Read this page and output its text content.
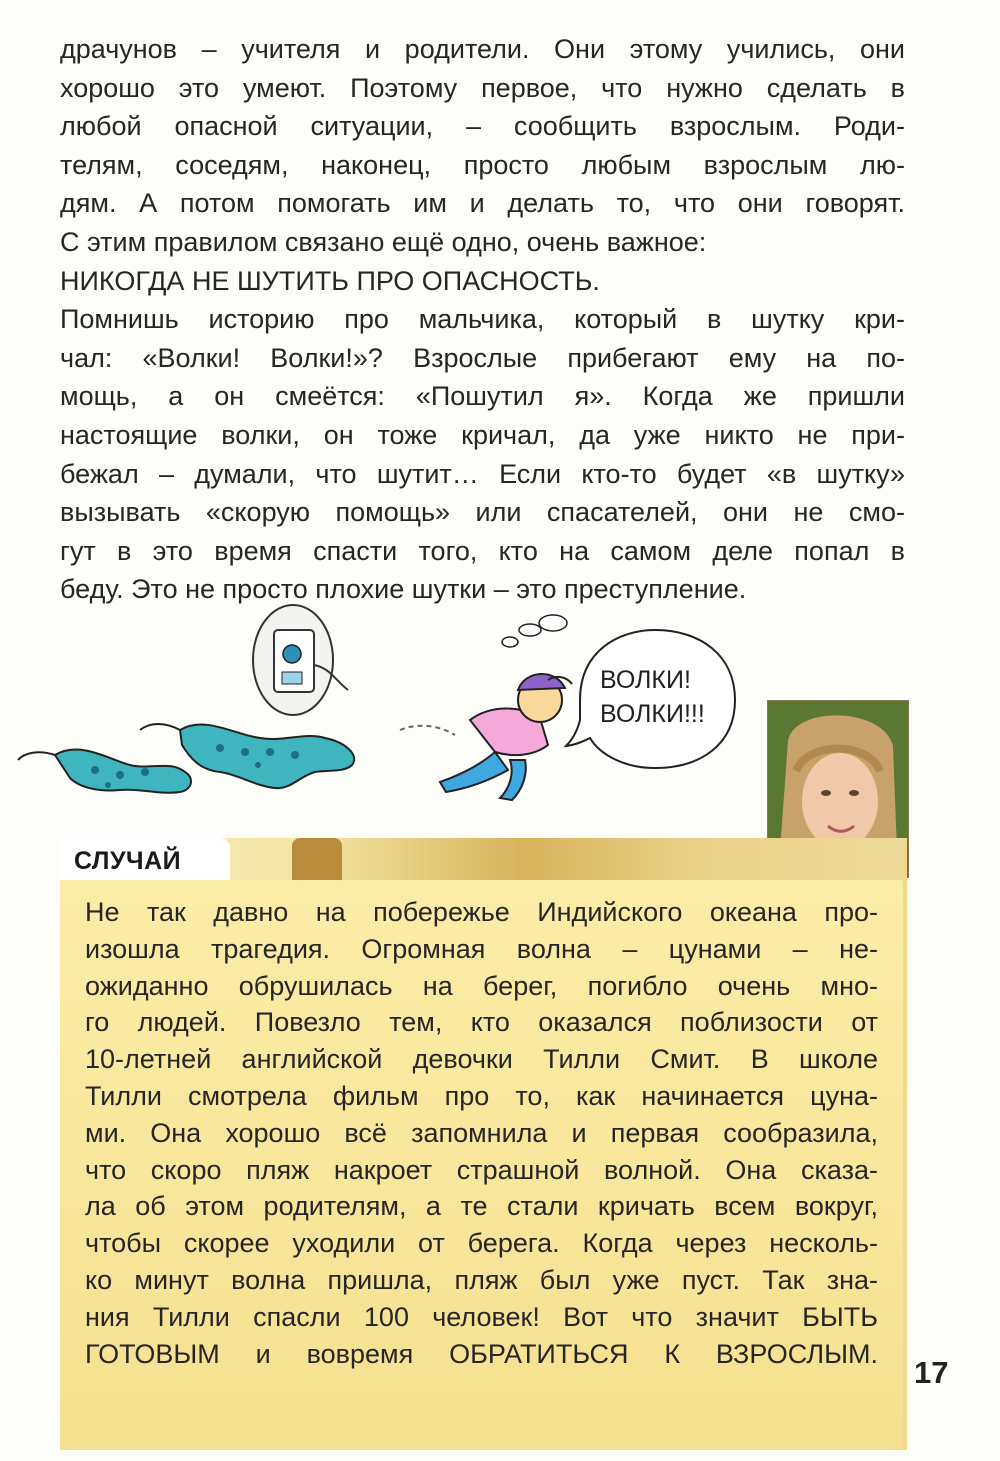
драчунов – учителя и родители. Они этому учились, они
хорошо это умеют. Поэтому первое, что нужно сделать в
любой опасной ситуации, – сообщить взрослым. Роди-
телям, соседям, наконец, просто любым взрослым лю-
дям. А потом помогать им и делать то, что они говорят.
С этим правилом связано ещё одно, очень важное:
НИКОГДА НЕ ШУТИТЬ ПРО ОПАСНОСТЬ.
Помнишь историю про мальчика, который в шутку кри-
чал: «Волки! Волки!»? Взрослые прибегают ему на по-
мощь, а он смеётся: «Пошутил я». Когда же пришли
настоящие волки, он тоже кричал, да уже никто не при-
бежал – думали, что шутит… Если кто-то будет «в шутку»
вызывать «скорую помощь» или спасателей, они не смо-
гут в это время спасти того, кто на самом деле попал в
беду. Это не просто плохие шутки – это преступление.
ВОЛКИ!
ВОЛКИ!!!
СЛУЧАЙ
Не так давно на побережье Индийского океана про-
изошла трагедия. Огромная волна – цунами – не-
ожиданно обрушилась на берег, погибло очень мно-
го людей. Повезло тем, кто оказался поблизости от
10-летней английской девочки Тилли Смит. В школе
Тилли смотрела фильм про то, как начинается цуна-
ми. Она хорошо всё запомнила и первая сообразила,
что скоро пляж накроет страшной волной. Она сказа-
ла об этом родителям, а те стали кричать всем вокруг,
чтобы скорее уходили от берега. Когда через несколь-
ко минут волна пришла, пляж был уже пуст. Так зна-
ния Тилли спасли 100 человек! Вот что значит БЫТЬ
ГОТОВЫМ и вовремя ОБРАТИТЬСЯ К ВЗРОСЛЫМ.
17
